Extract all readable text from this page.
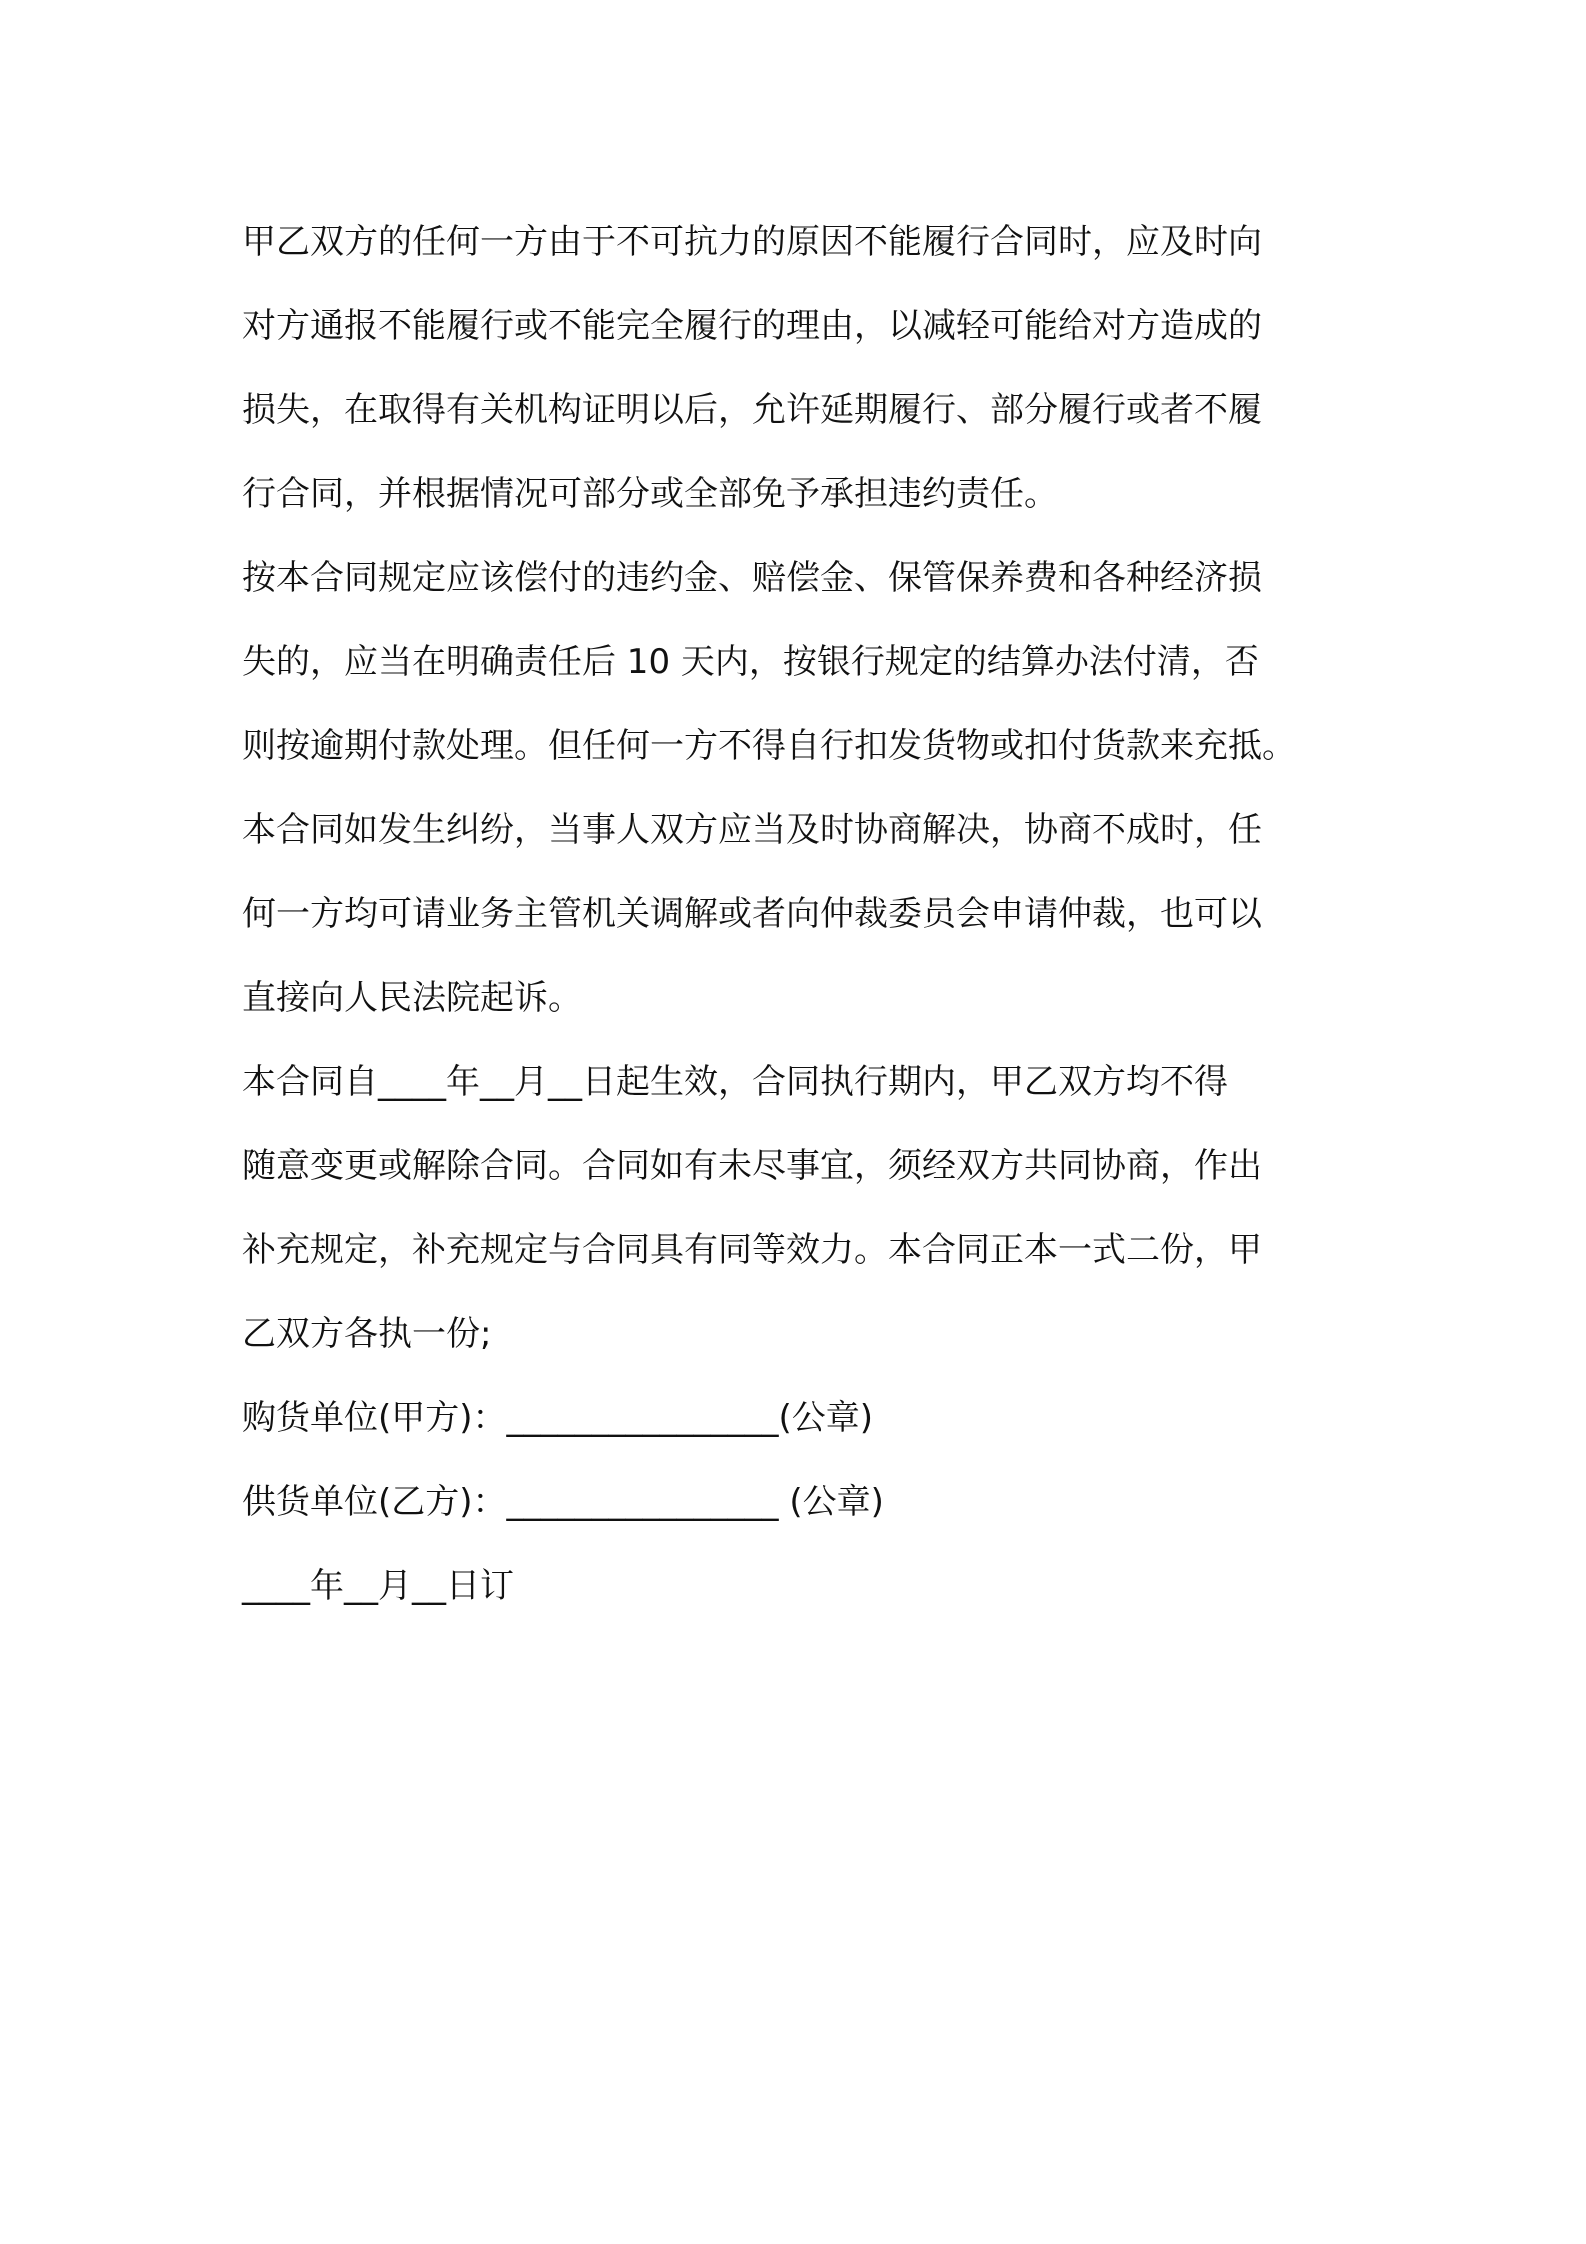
甲乙双方的任何一方由于不可抗力的原因不能履行合同时，应及时向
对方通报不能履行或不能完全履行的理由，以减轻可能给对方造成的
损失，在取得有关机构证明以后，允许延期履行、部分履行或者不履
行合同，并根据情况可部分或全部免予承担违约责任。
按本合同规定应该偿付的违约金、赔偿金、保管保养费和各种经济损
失的，应当在明确责任后 10 天内，按银行规定的结算办法付清，否
则按逾期付款处理。但任何一方不得自行扣发货物或扣付货款来充抵。
本合同如发生纠纷，当事人双方应当及时协商解决，协商不成时，任
何一方均可请业务主管机关调解或者向仲裁委员会申请仲裁，也可以
直接向人民法院起诉。
本合同自____年__月__日起生效，合同执行期内，甲乙双方均不得
随意变更或解除合同。合同如有未尽事宜，须经双方共同协商，作出
补充规定，补充规定与合同具有同等效力。本合同正本一式二份，甲
乙双方各执一份;
购货单位(甲方)：________________(公章)
供货单位(乙方)：________________ (公章)
____年__月__日订
